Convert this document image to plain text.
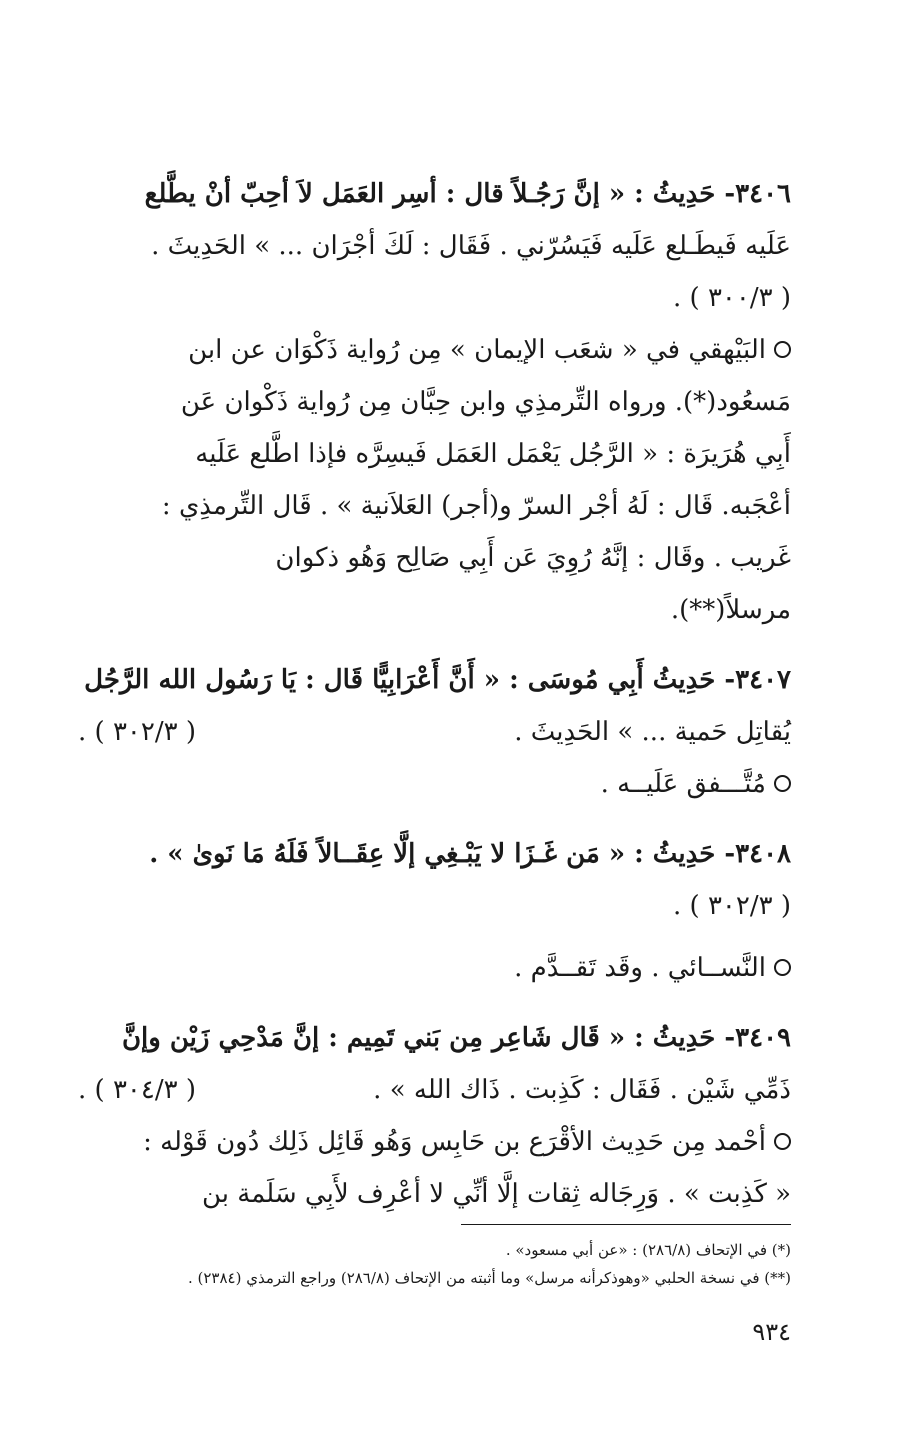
٣٤٠٦- حَدِيثُ : « إنَّ رَجُـلاً قال : أسِر العَمَل لاَ أحِبّ أنْ يطَّلع
عَلَيه فَيطَـلع عَلَيه فَيَسُرّني . فَقَال : لَكَ أجْرَان ... » الحَدِيثَ .
( ٣٠٠/٣ ) .
البَيْهقي في « شعَب الإيمان » مِن رُواية ذَكْوَان عن ابن
مَسعُود(*). ورواه التِّرمذِي وابن حِبَّان مِن رُواية ذَكْوان عَن
أَبِي هُرَيرَة : « الرَّجُل يَعْمَل العَمَل فَيسِرَّه فإذا اطَّلع عَلَيه
أعْجَبه. قَال : لَهُ أجْر السرّ و(أجر) العَلاَنية » . قَال التِّرمذِي :
غَريب . وقَال : إنَّهُ رُوِيَ عَن أَبِي صَالِح وَهُو ذكوان
مرسلاً(**).
٣٤٠٧- حَدِيثُ أَبِي مُوسَى : « أَنَّ أَعْرَابِيًّا قَال : يَا رَسُول الله الرَّجُل
يُقاتِل حَمية ... » الحَدِيثَ .
( ٣٠٢/٣ ) .
مُتَّـــفق عَلَيــه .
٣٤٠٨- حَدِيثُ : « مَن غَـزَا لا يَبْـغِي إلَّا عِقَــالاً فَلَهُ مَا نَوىٰ » .
( ٣٠٢/٣ ) .
النَّســائي . وقَد تَقــدَّم .
٣٤٠٩- حَدِيثُ : « قَال شَاعِر مِن بَني تَمِيم : إنَّ مَدْحِي زَيْن وإنَّ
ذَمِّي شَيْن . فَقَال : كَذِبت . ذَاك الله » .
( ٣٠٤/٣ ) .
أحْمد مِن حَدِيث الأقْرَع بن حَابِس وَهُو قَائِل ذَلِك دُون قَوْله :
« كَذِبت » . وَرِجَاله ثِقات إلَّا أنِّي لا أعْرِف لأَبِي سَلَمة بن
(*) في الإتحاف (٢٨٦/٨) : «عن أبي مسعود» .
(**) في نسخة الحلبي «وهوذكرأنه مرسل» وما أثبته من الإتحاف (٢٨٦/٨) وراجع الترمذي (٢٣٨٤) .
٩٣٤
